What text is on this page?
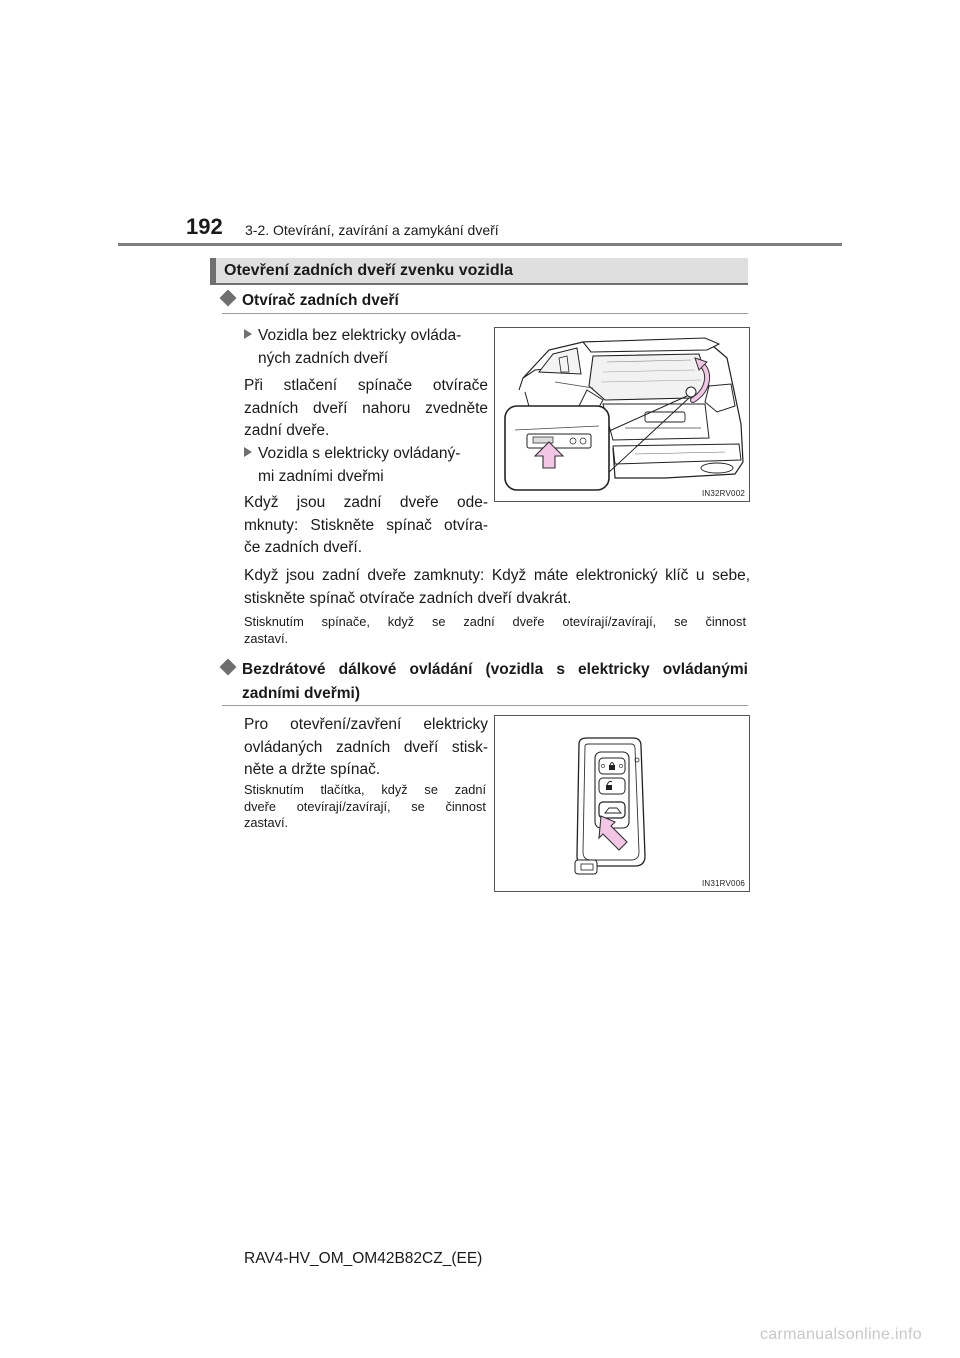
192 3-2. Otevírání, zavírání a zamykání dveří
Otevření zadních dveří zvenku vozidla
Otvírač zadních dveří
Vozidla bez elektricky ovláda-
ných zadních dveří
Při stlačení spínače otvírače
zadních dveří nahoru zvedněte
zadní dveře.
Vozidla s elektricky ovládaný-
mi zadními dveřmi
Když jsou zadní dveře ode-
mknuty: Stiskněte spínač otvíra-
če zadních dveří.
IN32RV002
Když jsou zadní dveře zamknuty: Když máte elektronický klíč u sebe,
stiskněte spínač otvírače zadních dveří dvakrát.
Stisknutím spínače, když se zadní dveře otevírají/zavírají, se činnost
zastaví.
Bezdrátové dálkové ovládání (vozidla s elektricky ovládanými
zadními dveřmi)
Pro otevření/zavření elektricky
ovládaných zadních dveří stisk-
něte a držte spínač.
Stisknutím tlačítka, když se zadní
dveře otevírají/zavírají, se činnost
zastaví.
IN31RV006
RAV4-HV_OM_OM42B82CZ_(EE)
carmanualsonline.info
